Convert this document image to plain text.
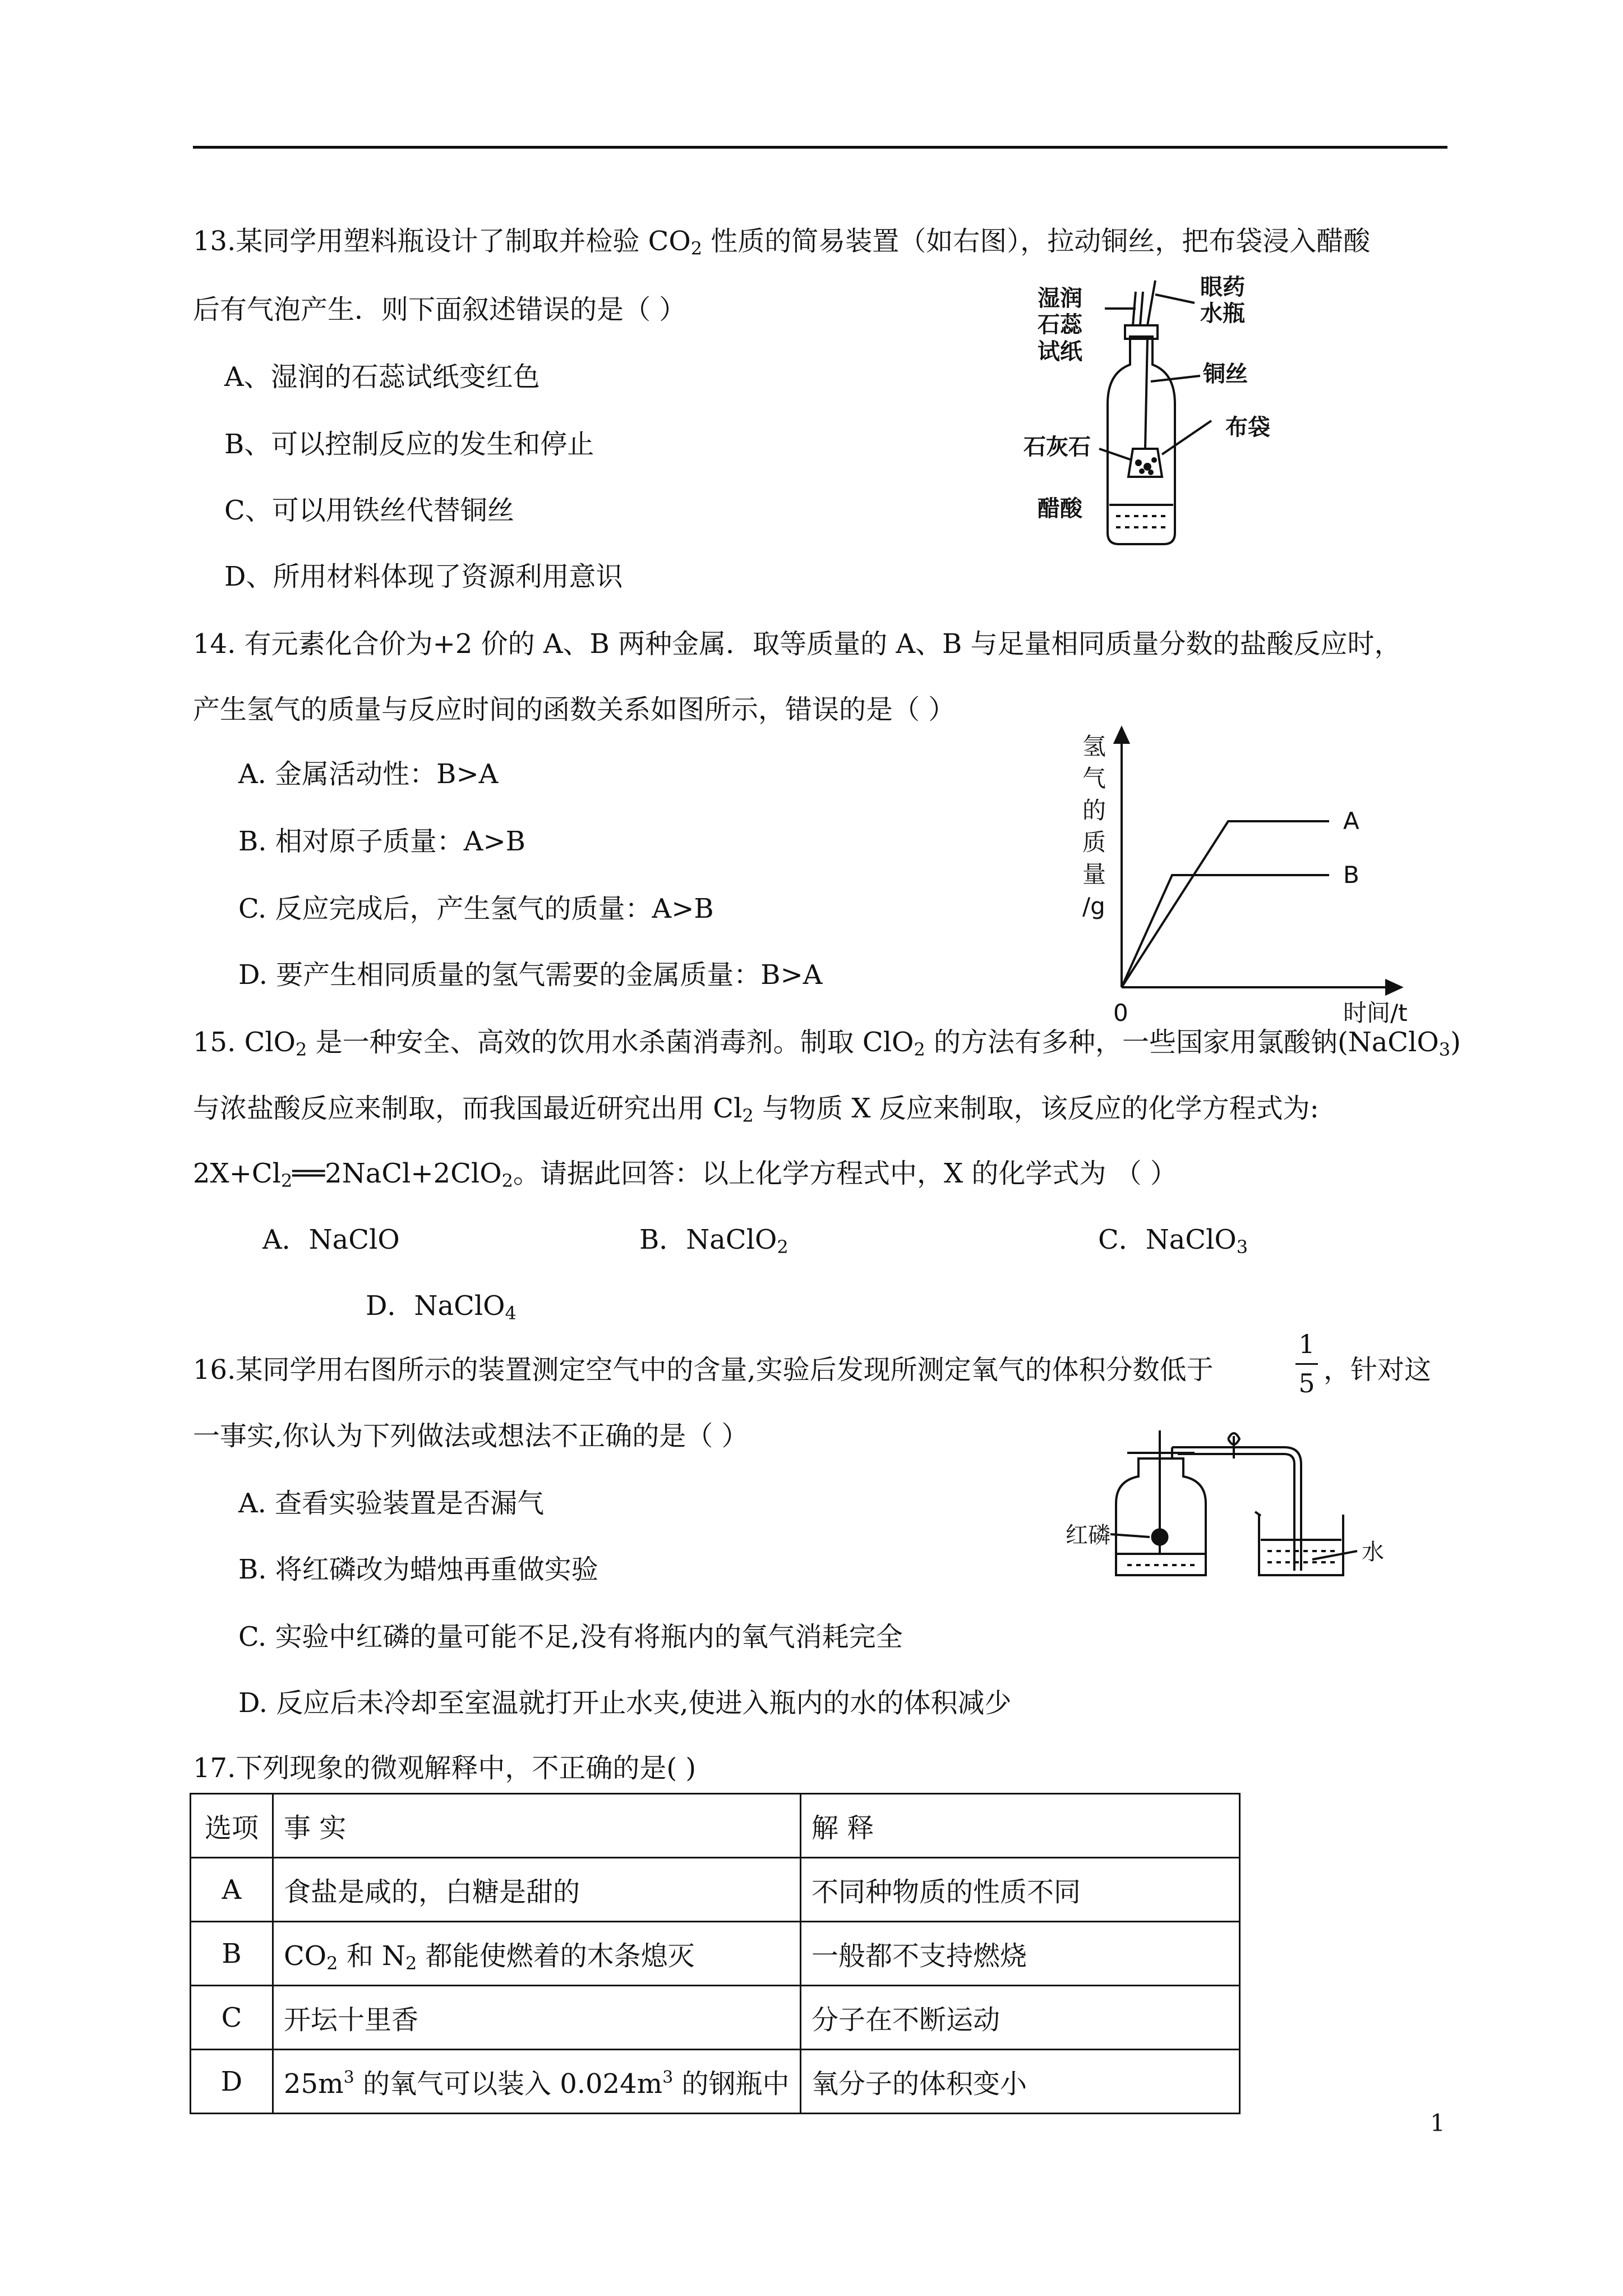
13.某同学用塑料瓶设计了制取并检验 $CO_2$ 性质的简易装置（如右图），拉动铜丝，把布袋浸入醋酸
后有气泡产生．则下面叙述错误的是（ ）
A、湿润的石蕊试纸变红色
B、可以控制反应的发生和停止
C、可以用铁丝代替铜丝
D、所用材料体现了资源利用意识
湿润
石蕊
试纸
眼药
水瓶
铜丝
布袋
石灰石
醋酸
14. 有元素化合价为+2 价的 A、B 两种金属．取等质量的 A、B 与足量相同质量分数的盐酸反应时，
产生氢气的质量与反应时间的函数关系如图所示，错误的是（ ）
A. 金属活动性：B>A
B. 相对原子质量：A>B
C. 反应完成后，产生氢气的质量：A>B
D. 要产生相同质量的氢气需要的金属质量：B>A
氢
气
的
质
量
/g
0	时间/t
A
B
15. ClO$_2$ 是一种安全、高效的饮用水杀菌消毒剂。制取 ClO$_2$ 的方法有多种，一些国家用氯酸钠(NaClO$_3$)
与浓盐酸反应来制取，而我国最近研究出用 $Cl_2$ 与物质 X 反应来制取，该反应的化学方程式为:
$2X+Cl_2══2NaCl+2ClO_2$。请据此回答：以上化学方程式中，X 的化学式为 （ ）
A．NaClO	B．NaClO$_2$	C．NaClO$_3$
D．NaClO$_4$
16.某同学用右图所示的装置测定空气中的含量,实验后发现所测定氧气的体积分数低于
1
5 ，针对这
一事实,你认为下列做法或想法不正确的是（ ）
A. 查看实验装置是否漏气
B. 将红磷改为蜡烛再重做实验
C. 实验中红磷的量可能不足,没有将瓶内的氧气消耗完全
D. 反应后未冷却至室温就打开止水夹,使进入瓶内的水的体积减少
红磷
水
17.下列现象的微观解释中，不正确的是( )
选项	事 实	解 释
A	食盐是咸的，白糖是甜的	不同种物质的性质不同
B	$CO_2$ 和 $N_2$ 都能使燃着的木条熄灭	一般都不支持燃烧
C	开坛十里香	分子在不断运动
D	$25m^3$ 的氧气可以装入 $0.024m^3$ 的钢瓶中	氧分子的体积变小
1
